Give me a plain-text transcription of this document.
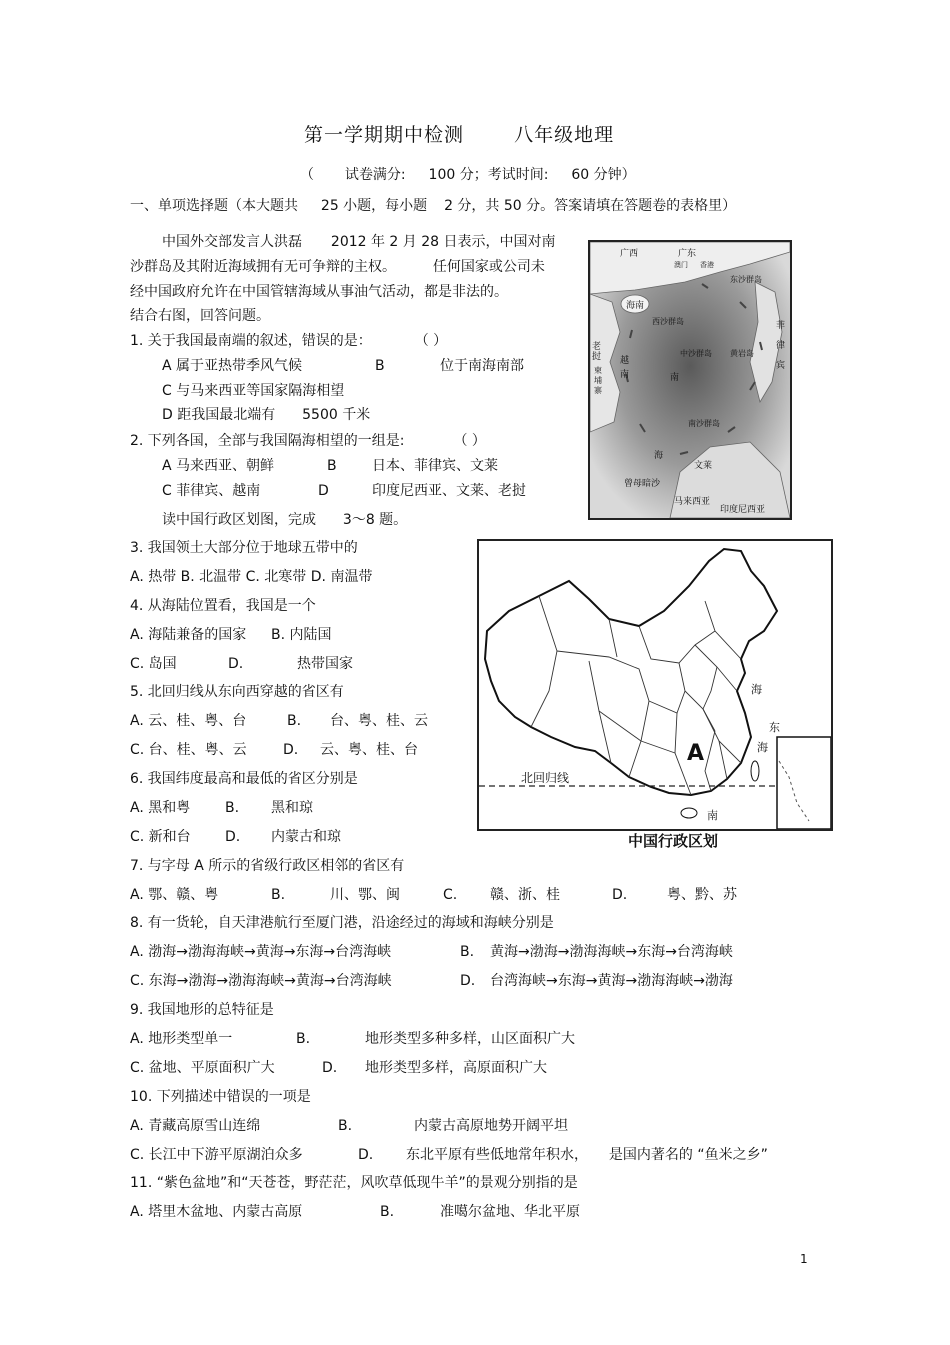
第一学期期中检测	八年级地理
（ 试卷满分: 100 分；考试时间: 60 分钟）
一、单项选择题（本大题共 25 小题，每小题 2 分，共 50 分。答案请填在答题卷的表格里）
中国外交部发言人洪磊 2012 年 2 月 28 日表示，中国对南
沙群岛及其附近海域拥有无可争辩的主权。	任何国家或公司未
经中国政府允许在中国管辖海域从事油气活动，都是非法的。
结合右图，回答问题。
1. 关于我国最南端的叙述，错误的是：	（ ）
A 属于亚热带季风气候	B	位于南海南部
C 与马来西亚等国家隔海相望
D 距我国最北端有 5500 千米
2. 下列各国，全部与我国隔海相望的一组是:	（ ）
A 马来西亚、朝鲜	B	日本、菲律宾、文莱
C 菲律宾、越南	D	印度尼西亚、文莱、老挝
读中国行政区划图，完成 3～8 题。
3. 我国领土大部分位于地球五带中的
A. 热带 B. 北温带 C. 北寒带 D. 南温带
4. 从海陆位置看，我国是一个
A. 海陆兼备的国家 B. 内陆国
C. 岛国	D.	热带国家
5. 北回归线从东向西穿越的省区有
A. 云、桂、粤、台	B. 台、粤、桂、云
C. 台、桂、粤、云	D. 云、粤、桂、台
6. 我国纬度最高和最低的省区分别是
A. 黑和粤 B. 黑和琼
C. 新和台 D. 内蒙古和琼
7. 与字母 A 所示的省级行政区相邻的省区有
A. 鄂、赣、粤	B.	川、鄂、闽	C. 赣、浙、桂	D.	粤、黔、苏
8. 有一货轮，自天津港航行至厦门港，沿途经过的海域和海峡分别是
A. 渤海→渤海海峡→黄海→东海→台湾海峡	B. 黄海→渤海→渤海海峡→东海→台湾海峡
C. 东海→渤海→渤海海峡→黄海→台湾海峡	D. 台湾海峡→东海→黄海→渤海海峡→渤海
9. 我国地形的总特征是
A. 地形类型单一	B.	地形类型多种多样，山区面积广大
C. 盆地、平原面积广大	D. 地形类型多样，高原面积广大
10. 下列描述中错误的一项是
A. 青藏高原雪山连绵	B.	内蒙古高原地势开阔平坦
C. 长江中下游平原湖泊众多	D. 东北平原有些低地常年积水， 是国内著名的 “鱼米之乡”
11. “紫色盆地”和“天苍苍，野茫茫，风吹草低现牛羊”的景观分别指的是
A. 塔里木盆地、内蒙古高原	B.	准噶尔盆地、华北平原
1
广西	广东
澳门 香港
东沙群岛
海南
西沙群岛
中沙群岛 黄岩岛
南
南沙群岛
海
老挝
柬埔寨
越南
菲律宾
文莱
曾母暗沙
马来西亚
印度尼西亚
A
北回归线
海
东
海
南
中国行政区划
